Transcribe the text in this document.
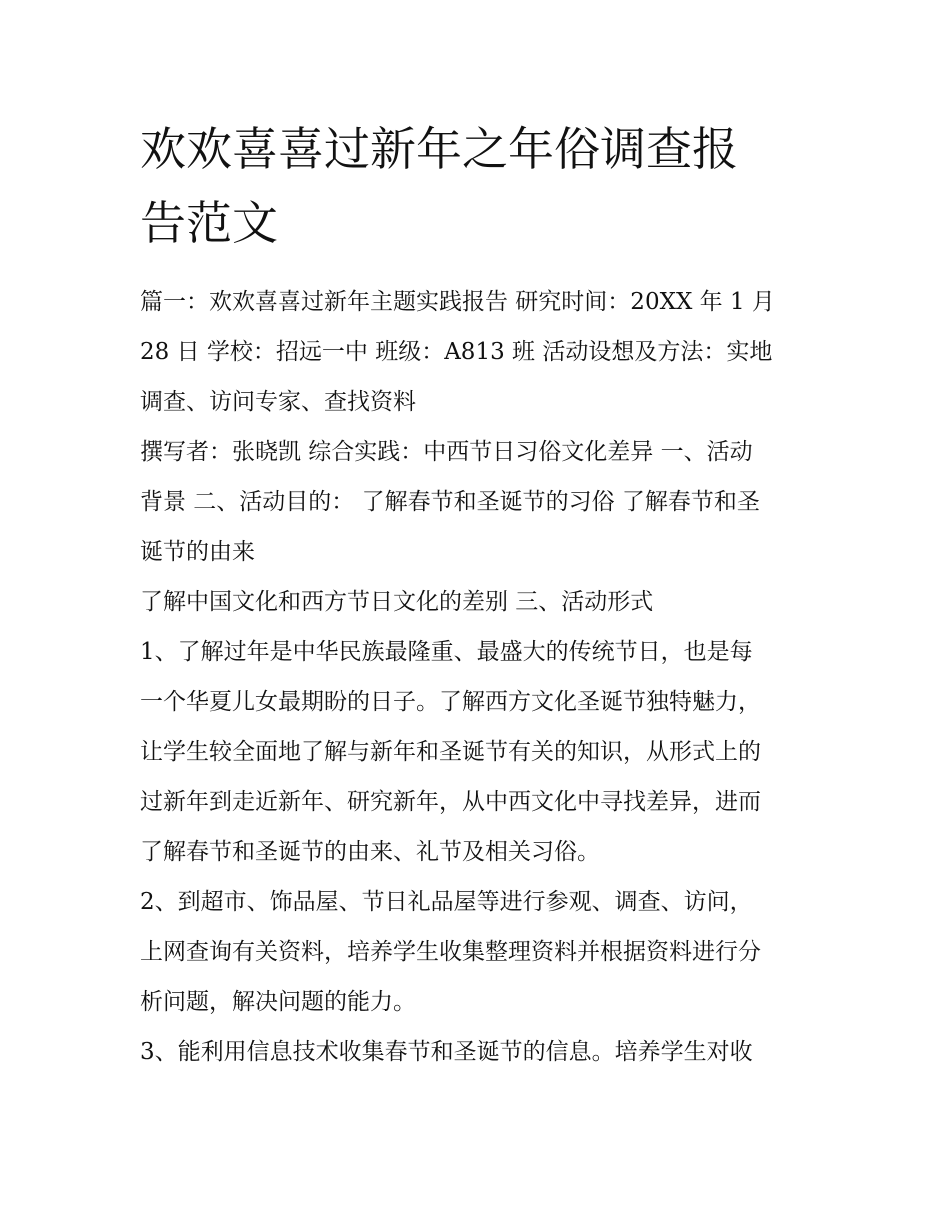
欢欢喜喜过新年之年俗调查报
告范文

篇一：欢欢喜喜过新年主题实践报告 研究时间：20XX 年 1 月
28 日 学校：招远一中 班级：A813 班 活动设想及方法：实地
调查、访问专家、查找资料

撰写者：张晓凯 综合实践：中西节日习俗文化差异 一、活动
背景 二、活动目的： 了解春节和圣诞节的习俗 了解春节和圣
诞节的由来

了解中国文化和西方节日文化的差别 三、活动形式

1、了解过年是中华民族最隆重、最盛大的传统节日，也是每
一个华夏儿女最期盼的日子。了解西方文化圣诞节独特魅力，
让学生较全面地了解与新年和圣诞节有关的知识，从形式上的
过新年到走近新年、研究新年，从中西文化中寻找差异，进而
了解春节和圣诞节的由来、礼节及相关习俗。

2、到超市、饰品屋、节日礼品屋等进行参观、调查、访问，
上网查询有关资料，培养学生收集整理资料并根据资料进行分
析问题，解决问题的能力。

3、能利用信息技术收集春节和圣诞节的信息。培养学生对收
